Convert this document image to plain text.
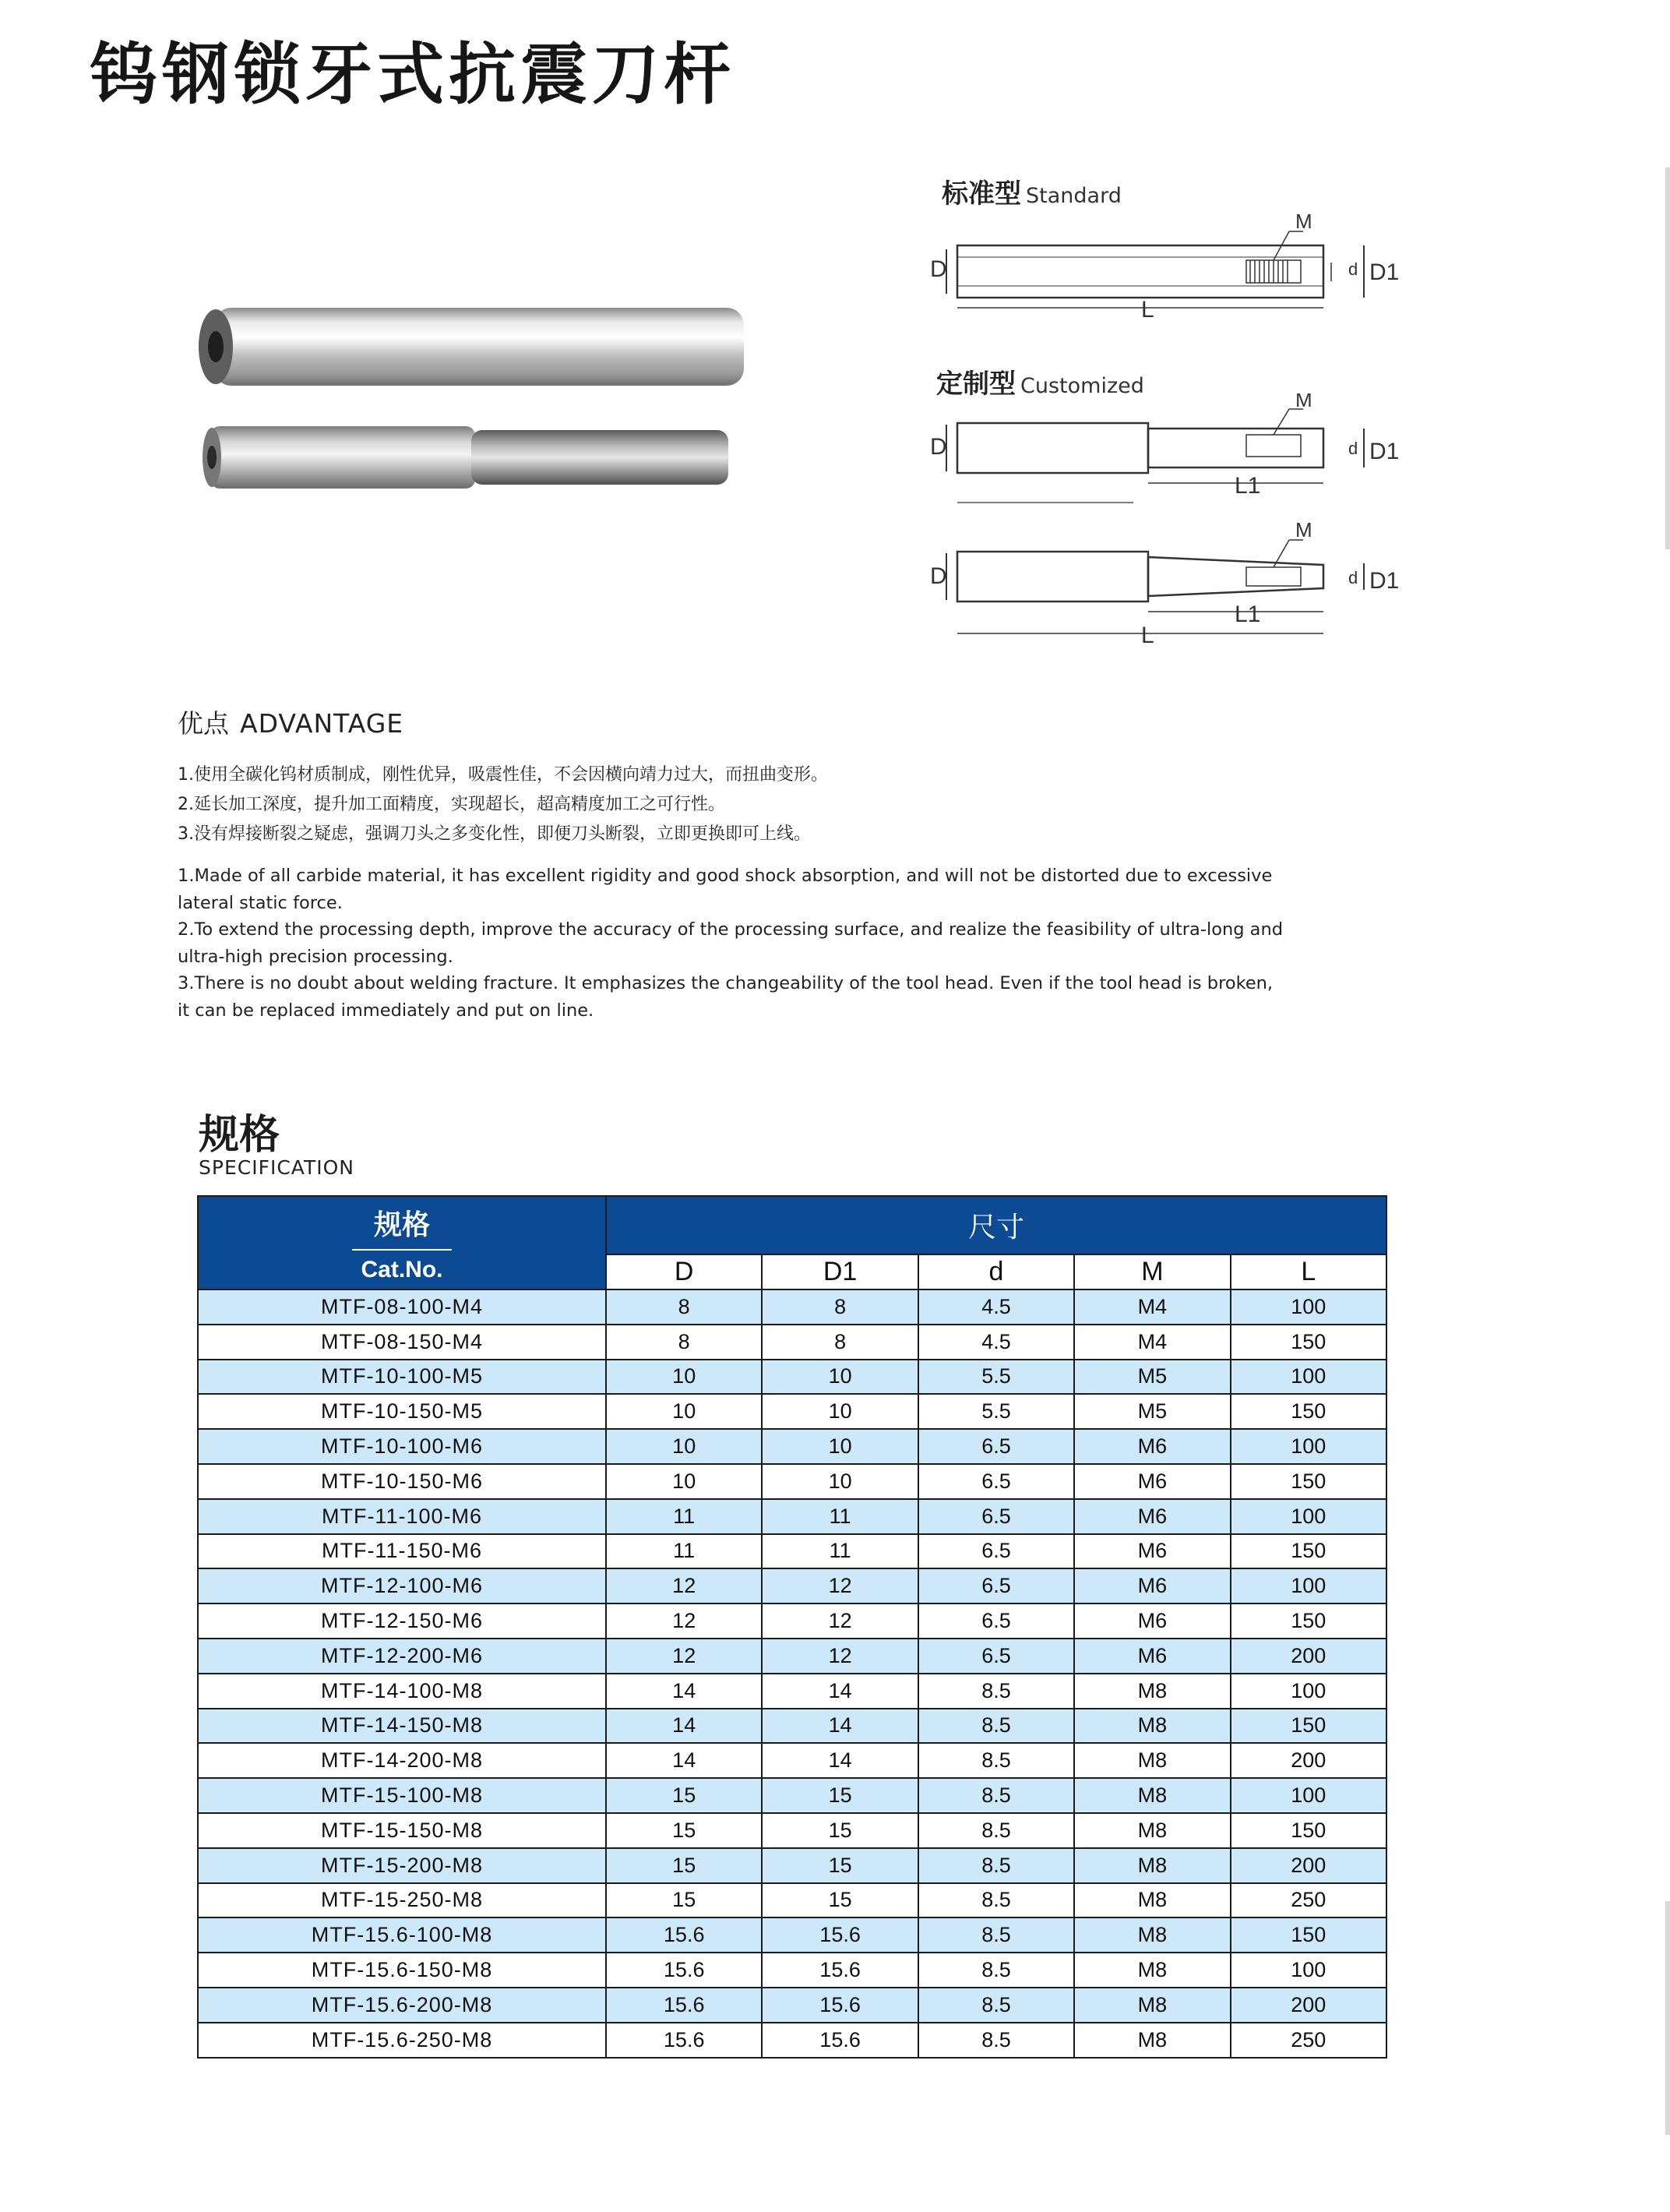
钨钢锁牙式抗震刀杆
标准型 Standard
D
M
d D1
L
定制型 Customized
D
M
d D1
L1
D
M
d D1
L1
L
优点 ADVANTAGE
1.使用全碳化钨材质制成，刚性优异，吸震性佳，不会因横向靖力过大，而扭曲变形。
2.延长加工深度，提升加工面精度，实现超长，超高精度加工之可行性。
3.没有焊接断裂之疑虑，强调刀头之多变化性，即便刀头断裂，立即更换即可上线。
1.Made of all carbide material, it has excellent rigidity and good shock absorption, and will not be distorted due to excessive
lateral static force.
2.To extend the processing depth, improve the accuracy of the processing surface, and realize the feasibility of ultra-long and
ultra-high precision processing.
3.There is no doubt about welding fracture. It emphasizes the changeability of the tool head. Even if the tool head is broken,
it can be replaced immediately and put on line.
规格
SPECIFICATION
规格
Cat.No.	尺寸				
	D	D1	d	M	L
MTF-08-100-M4	8	8	4.5	M4	100
MTF-08-150-M4	8	8	4.5	M4	150
MTF-10-100-M5	10	10	5.5	M5	100
MTF-10-150-M5	10	10	5.5	M5	150
MTF-10-100-M6	10	10	6.5	M6	100
MTF-10-150-M6	10	10	6.5	M6	150
MTF-11-100-M6	11	11	6.5	M6	100
MTF-11-150-M6	11	11	6.5	M6	150
MTF-12-100-M6	12	12	6.5	M6	100
MTF-12-150-M6	12	12	6.5	M6	150
MTF-12-200-M6	12	12	6.5	M6	200
MTF-14-100-M8	14	14	8.5	M8	100
MTF-14-150-M8	14	14	8.5	M8	150
MTF-14-200-M8	14	14	8.5	M8	200
MTF-15-100-M8	15	15	8.5	M8	100
MTF-15-150-M8	15	15	8.5	M8	150
MTF-15-200-M8	15	15	8.5	M8	200
MTF-15-250-M8	15	15	8.5	M8	250
MTF-15.6-100-M8	15.6	15.6	8.5	M8	150
MTF-15.6-150-M8	15.6	15.6	8.5	M8	100
MTF-15.6-200-M8	15.6	15.6	8.5	M8	200
MTF-15.6-250-M8	15.6	15.6	8.5	M8	250
